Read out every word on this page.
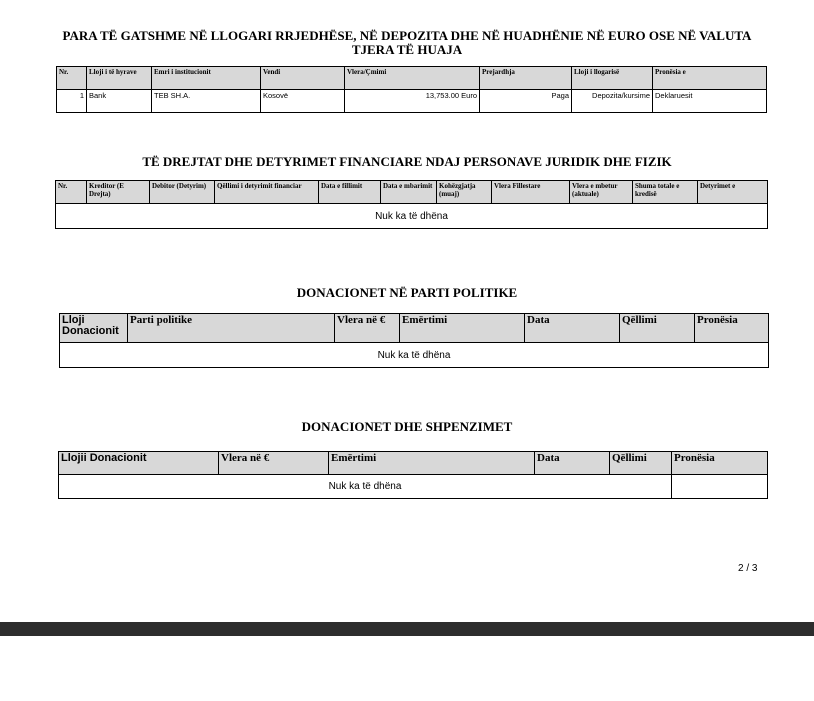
PARA TË GATSHME NË LLOGARI RRJEDHËSE, NË DEPOZITA DHE NË HUADHËNIE NË EURO OSE NË VALUTA TJERA TË HUAJA
Nr.	Lloji i të hyrave	Emri i institucionit	Vendi	Vlera/Çmimi	Prejardhja	Lloji i llogarisë	Pronësia e
1	Bank	TEB SH.A.	Kosovë	13,753.00 Euro	Paga	Depozita/kursime	Deklaruesit
TË DREJTAT DHE DETYRIMET FINANCIARE NDAJ PERSONAVE JURIDIK DHE FIZIK
Nr.	Kreditor (E Drejta)	Debitor (Detyrim)	Qëllimi i detyrimit financiar	Data e fillimit	Data e mbarimit	Kohëzgjatja (muaj)	Vlera Fillestare	Vlera e mbetur (aktuale)	Shuma totale e kredisë	Detyrimet e
Nuk ka të dhëna
DONACIONET NË PARTI POLITIKE
Lloji Donacionit	Parti politike	Vlera në €	Emërtimi	Data	Qëllimi	Pronësia
Nuk ka të dhëna
DONACIONET DHE SHPENZIMET
Llojii Donacionit	Vlera në €	Emërtimi	Data	Qëllimi	Pronësia
Nuk ka të dhëna					
2 / 3
